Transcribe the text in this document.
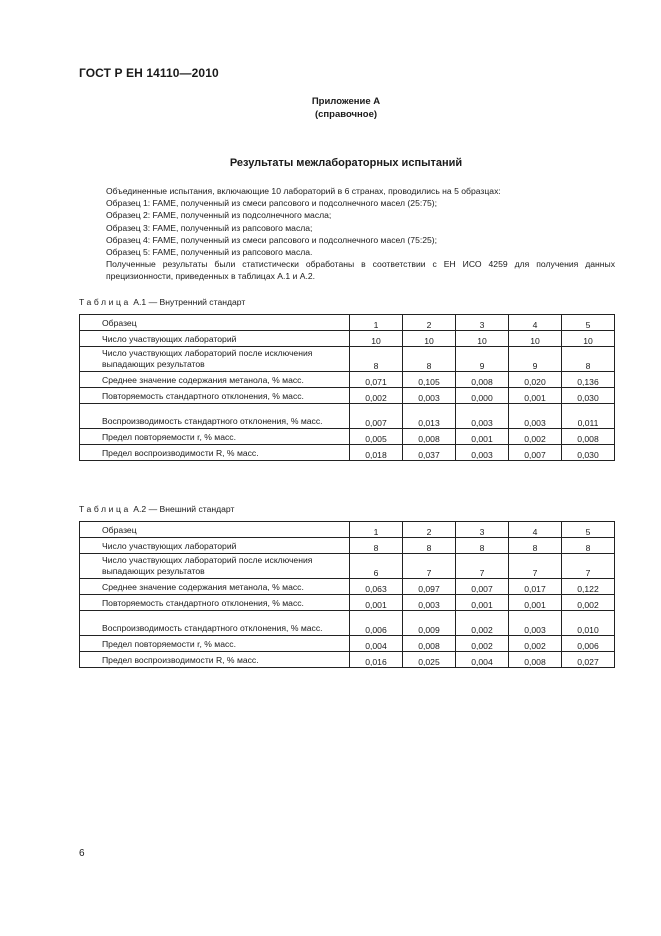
ГОСТ Р ЕН 14110—2010
Приложение А
(справочное)
Результаты межлабораторных испытаний

Объединенные испытания, включающие 10 лабораторий в 6 странах, проводились на 5 образцах:

Образец 1: FAME, полученный из смеси рапсового и подсолнечного масел (25:75);

Образец 2: FAME, полученный из подсолнечного масла;

Образец 3: FAME, полученный из рапсового масла;

Образец 4: FAME, полученный из смеси рапсового и подсолнечного масел (75:25);

Образец 5: FAME, полученный из рапсового масла.

Полученные результаты были статистически обработаны в соответствии с ЕН ИСО 4259 для получения данных прецизионности, приведенных в таблицах А.1 и А.2.

Таблица А.1 — Внутренний стандарт
Образец	1	2	3	4	5

Число участвующих лабораторий	10	10	10	10	10

Число участвующих лабораторий после исключения выпадающих результатов	8	8	9	9	8

Среднее значение содержания метанола, % масс.	0,071	0,105	0,008	0,020	0,136

Повторяемость стандартного отклонения, % масс.	0,002	0,003	0,000	0,001	0,030

Воспроизводимость стандартного отклонения, % масс.	0,007	0,013	0,003	0,003	0,011

Предел повторяемости r, % масс.	0,005	0,008	0,001	0,002	0,008

Предел воспроизводимости R, % масс.	0,018	0,037	0,003	0,007	0,030
Таблица А.2 — Внешний стандарт
Образец	1	2	3	4	5

Число участвующих лабораторий	8	8	8	8	8

Число участвующих лабораторий после исключения выпадающих результатов	6	7	7	7	7

Среднее значение содержания метанола, % масс.	0,063	0,097	0,007	0,017	0,122

Повторяемость стандартного отклонения, % масс.	0,001	0,003	0,001	0,001	0,002

Воспроизводимость стандартного отклонения, % масс.	0,006	0,009	0,002	0,003	0,010

Предел повторяемости r, % масс.	0,004	0,008	0,002	0,002	0,006

Предел воспроизводимости R, % масс.	0,016	0,025	0,004	0,008	0,027
6
